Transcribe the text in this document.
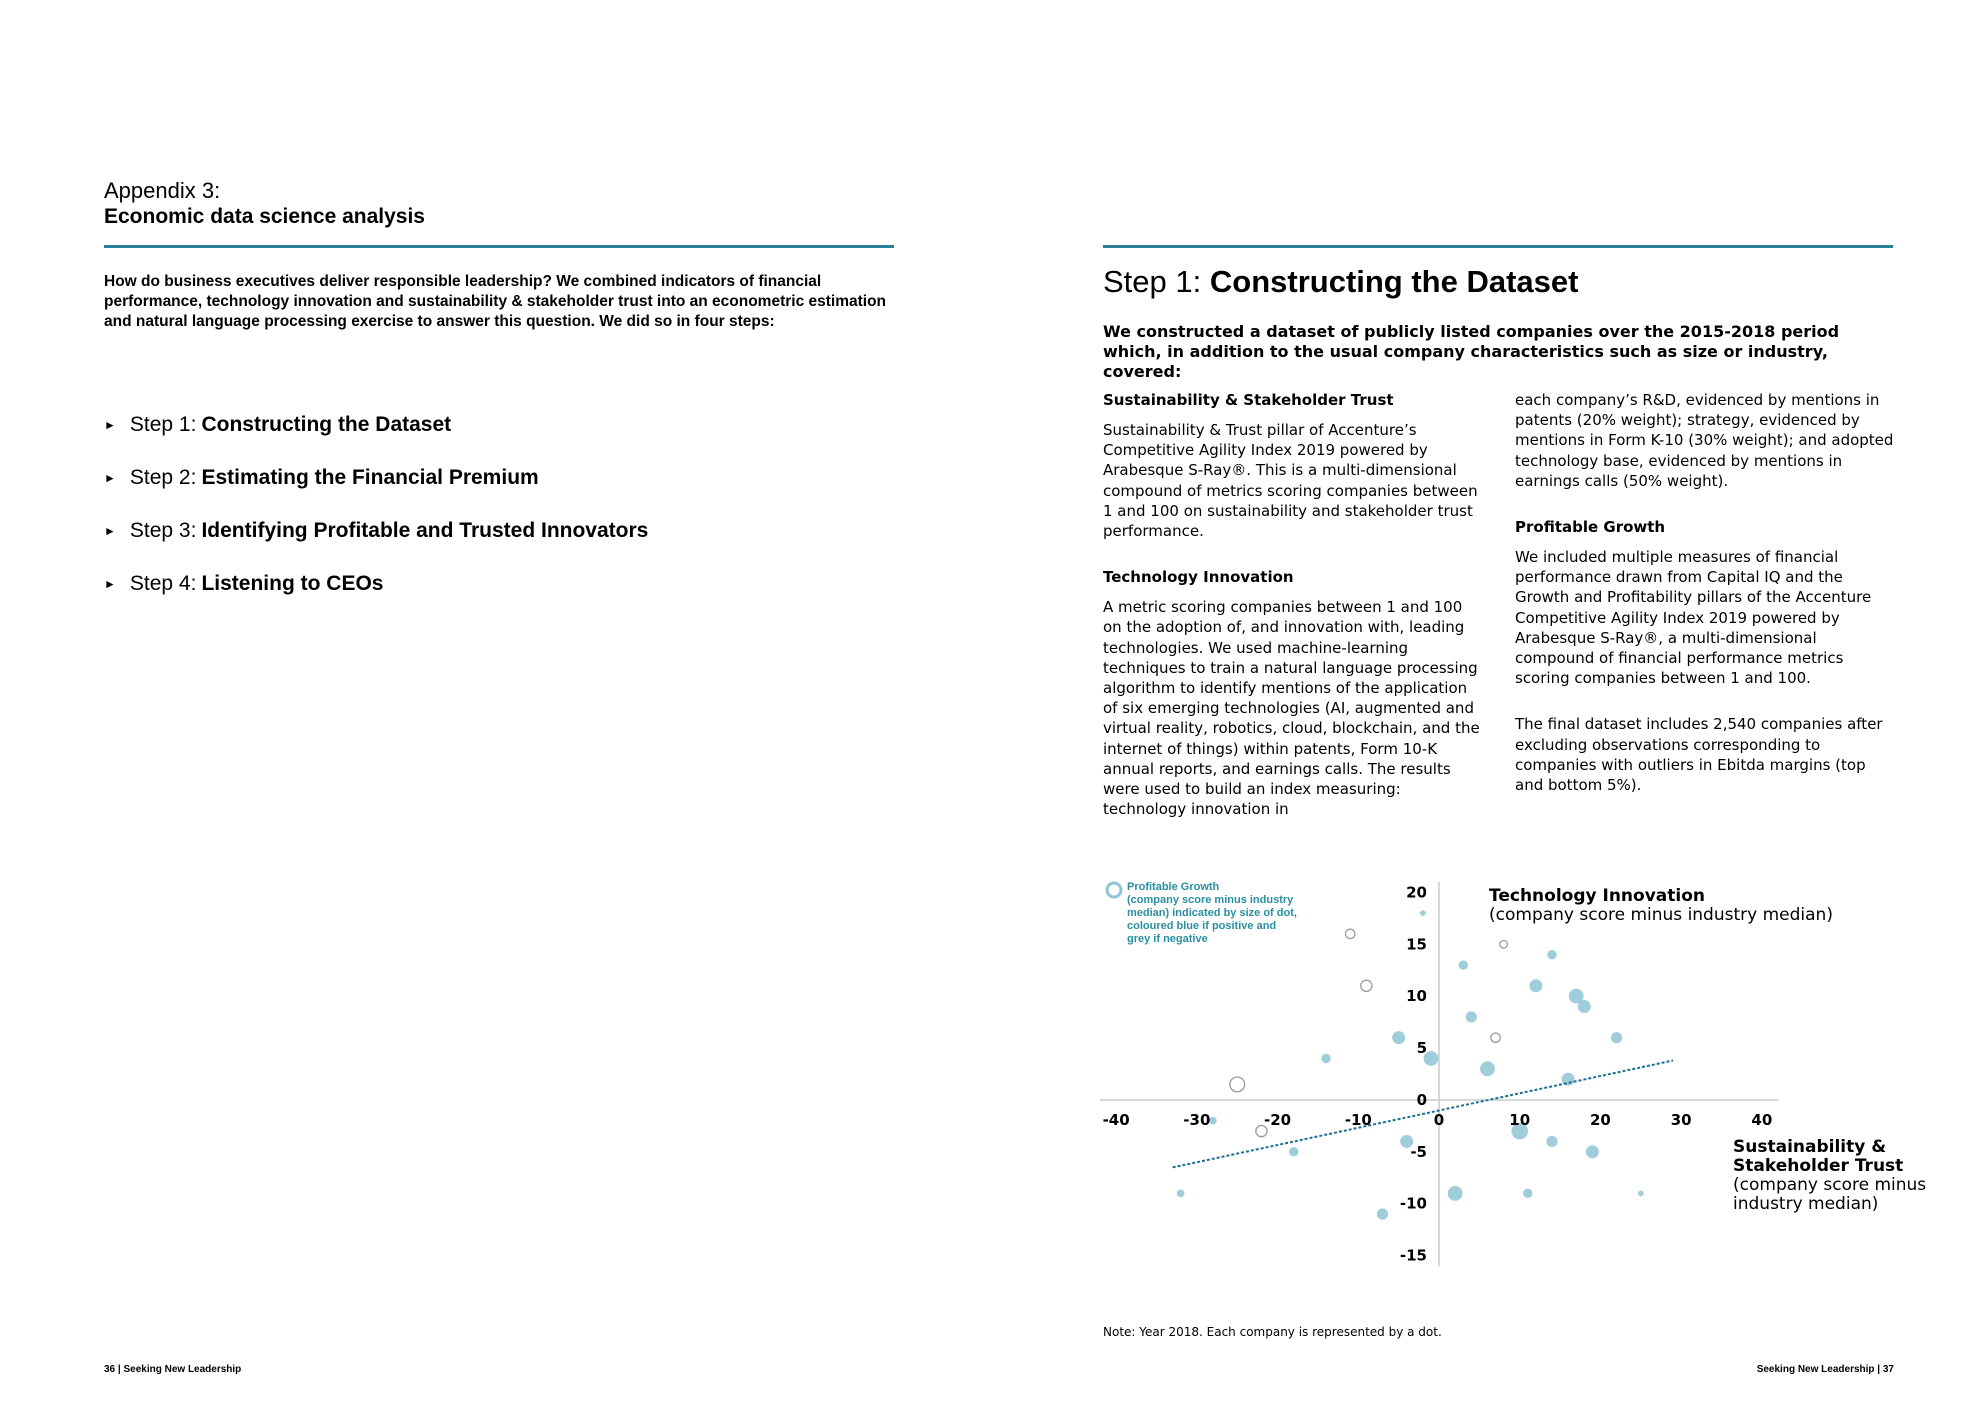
Appendix 3:
Economic data science analysis
How do business executives deliver responsible leadership? We combined indicators of financial performance, technology innovation and sustainability & stakeholder trust into an econometric estimation and natural language processing exercise to answer this question. We did so in four steps:
► Step 1: Constructing the Dataset
► Step 2: Estimating the Financial Premium
► Step 3: Identifying Profitable and Trusted Innovators
► Step 4: Listening to CEOs
36 | Seeking New Leadership
Step 1: Constructing the Dataset
We constructed a dataset of publicly listed companies over the 2015-2018 period which, in addition to the usual company characteristics such as size or industry, covered:
Sustainability & Stakeholder Trust

Sustainability & Trust pillar of Accenture’s Competitive Agility Index 2019 powered by Arabesque S-Ray®. This is a multi-dimensional compound of metrics scoring companies between 1 and 100 on sustainability and stakeholder trust performance.

Technology Innovation

A metric scoring companies between 1 and 100 on the adoption of, and innovation with, leading technologies. We used machine-learning techniques to train a natural language processing algorithm to identify mentions of the application of six emerging technologies (AI, augmented and virtual reality, robotics, cloud, blockchain, and the internet of things) within patents, Form 10-K annual reports, and earnings calls. The results were used to build an index measuring: technology innovation in

each company’s R&D, evidenced by mentions in patents (20% weight); strategy, evidenced by mentions in Form K-10 (30% weight); and adopted technology base, evidenced by mentions in earnings calls (50% weight).

Profitable Growth

We included multiple measures of financial performance drawn from Capital IQ and the Growth and Profitability pillars of the Accenture Competitive Agility Index 2019 powered by Arabesque S-Ray®, a multi-dimensional compound of financial performance metrics scoring companies between 1 and 100.

The final dataset includes 2,540 companies after excluding observations corresponding to companies with outliers in Ebitda margins (top and bottom 5%).

-40	-30	-20	-10	0	10	20	30	40
20
15
10
5
0
-5
-10
-15
Profitable Growth
(company score minus industry
median) indicated by size of dot,
coloured blue if positive and
grey if negative
Technology Innovation
(company score minus industry median)
Sustainability &
Stakeholder Trust
(company score minus
industry median)
Note: Year 2018. Each company is represented by a dot.
Seeking New Leadership | 37
